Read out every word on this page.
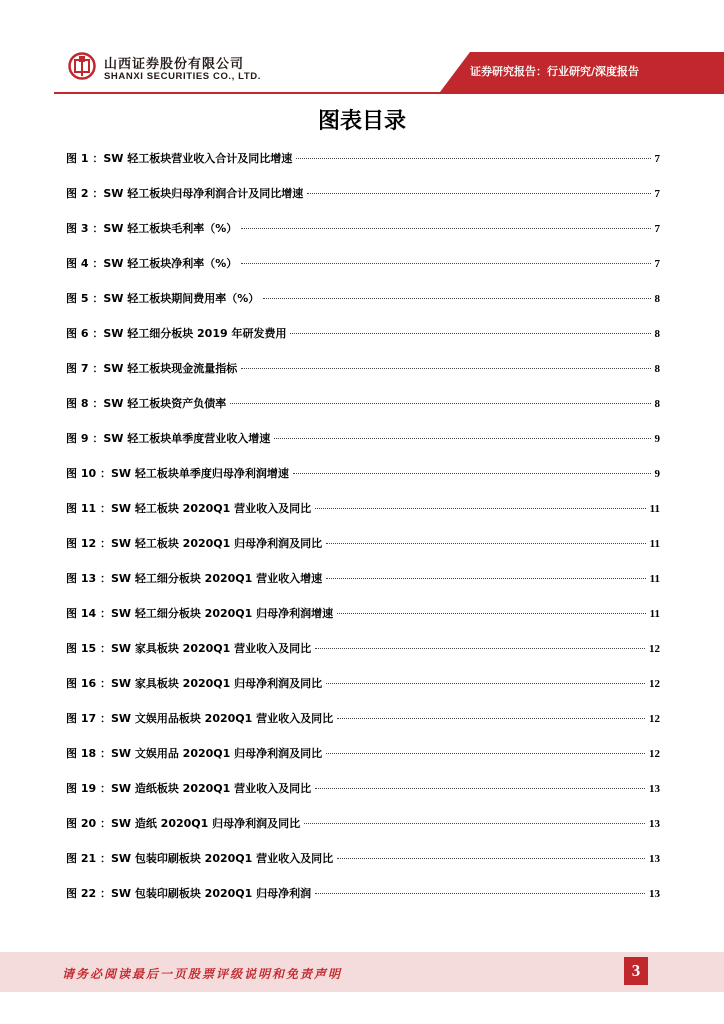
山西证券股份有限公司
SHANXI SECURITIES CO., LTD.	证券研究报告：行业研究/深度报告
图表目录
图 1 ：SW 轻工板块营业收入合计及同比增速	7
图 2 ：SW 轻工板块归母净利润合计及同比增速	7
图 3 ：SW 轻工板块毛利率（%）	7
图 4 ：SW 轻工板块净利率（%）	7
图 5 ：SW 轻工板块期间费用率（%）	8
图 6 ：SW 轻工细分板块 2019 年研发费用	8
图 7 ：SW 轻工板块现金流量指标	8
图 8 ：SW 轻工板块资产负债率	8
图 9 ：SW 轻工板块单季度营业收入增速	9
图 10 ：SW 轻工板块单季度归母净利润增速	9
图 11 ：SW 轻工板块 2020Q1 营业收入及同比	11
图 12 ：SW 轻工板块 2020Q1 归母净利润及同比	11
图 13 ：SW 轻工细分板块 2020Q1 营业收入增速	11
图 14 ：SW 轻工细分板块 2020Q1 归母净利润增速	11
图 15 ：SW 家具板块 2020Q1 营业收入及同比	12
图 16 ：SW 家具板块 2020Q1 归母净利润及同比	12
图 17 ：SW 文娱用品板块 2020Q1 营业收入及同比	12
图 18 ：SW 文娱用品 2020Q1 归母净利润及同比	12
图 19 ：SW 造纸板块 2020Q1 营业收入及同比	13
图 20 ：SW 造纸 2020Q1 归母净利润及同比	13
图 21 ：SW 包装印刷板块 2020Q1 营业收入及同比	13
图 22 ：SW 包装印刷板块 2020Q1 归母净利润	13
请务必阅读最后一页股票评级说明和免责声明	3
